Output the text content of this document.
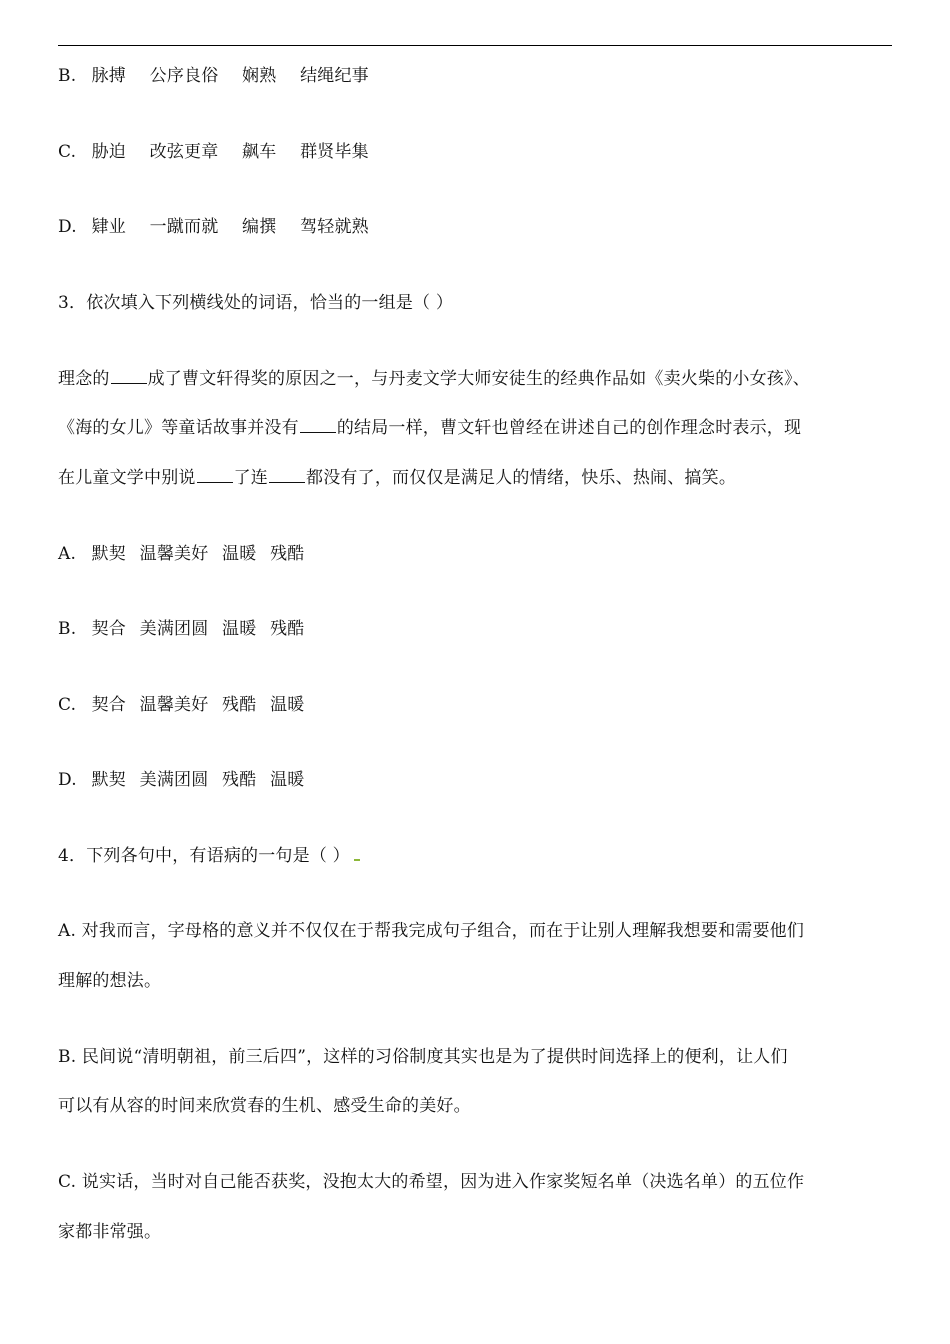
B. 脉搏 公序良俗 娴熟 结绳纪事
C. 胁迫 改弦更章 飙车 群贤毕集
D. 肄业 一蹴而就 编撰 驾轻就熟
3．依次填入下列横线处的词语，恰当的一组是（ ）
理念的 成了曹文轩得奖的原因之一，与丹麦文学大师安徒生的经典作品如《卖火柴的小女孩》、
《海的女儿》等童话故事并没有 的结局一样，曹文轩也曾经在讲述自己的创作理念时表示，现
在儿童文学中别说 了连 都没有了，而仅仅是满足人的情绪，快乐、热闹、搞笑。
A. 默契 温馨美好 温暖 残酷
B. 契合 美满团圆 温暖 残酷
C. 契合 温馨美好 残酷 温暖
D. 默契 美满团圆 残酷 温暖
4．下列各句中，有语病的一句是（ ）
A. 对我而言，字母格的意义并不仅仅在于帮我完成句子组合，而在于让别人理解我想要和需要他们
理解的想法。
B. 民间说“清明朝祖，前三后四”，这样的习俗制度其实也是为了提供时间选择上的便利，让人们
可以有从容的时间来欣赏春的生机、感受生命的美好。
C. 说实话，当时对自己能否获奖，没抱太大的希望，因为进入作家奖短名单（决选名单）的五位作
家都非常强。
